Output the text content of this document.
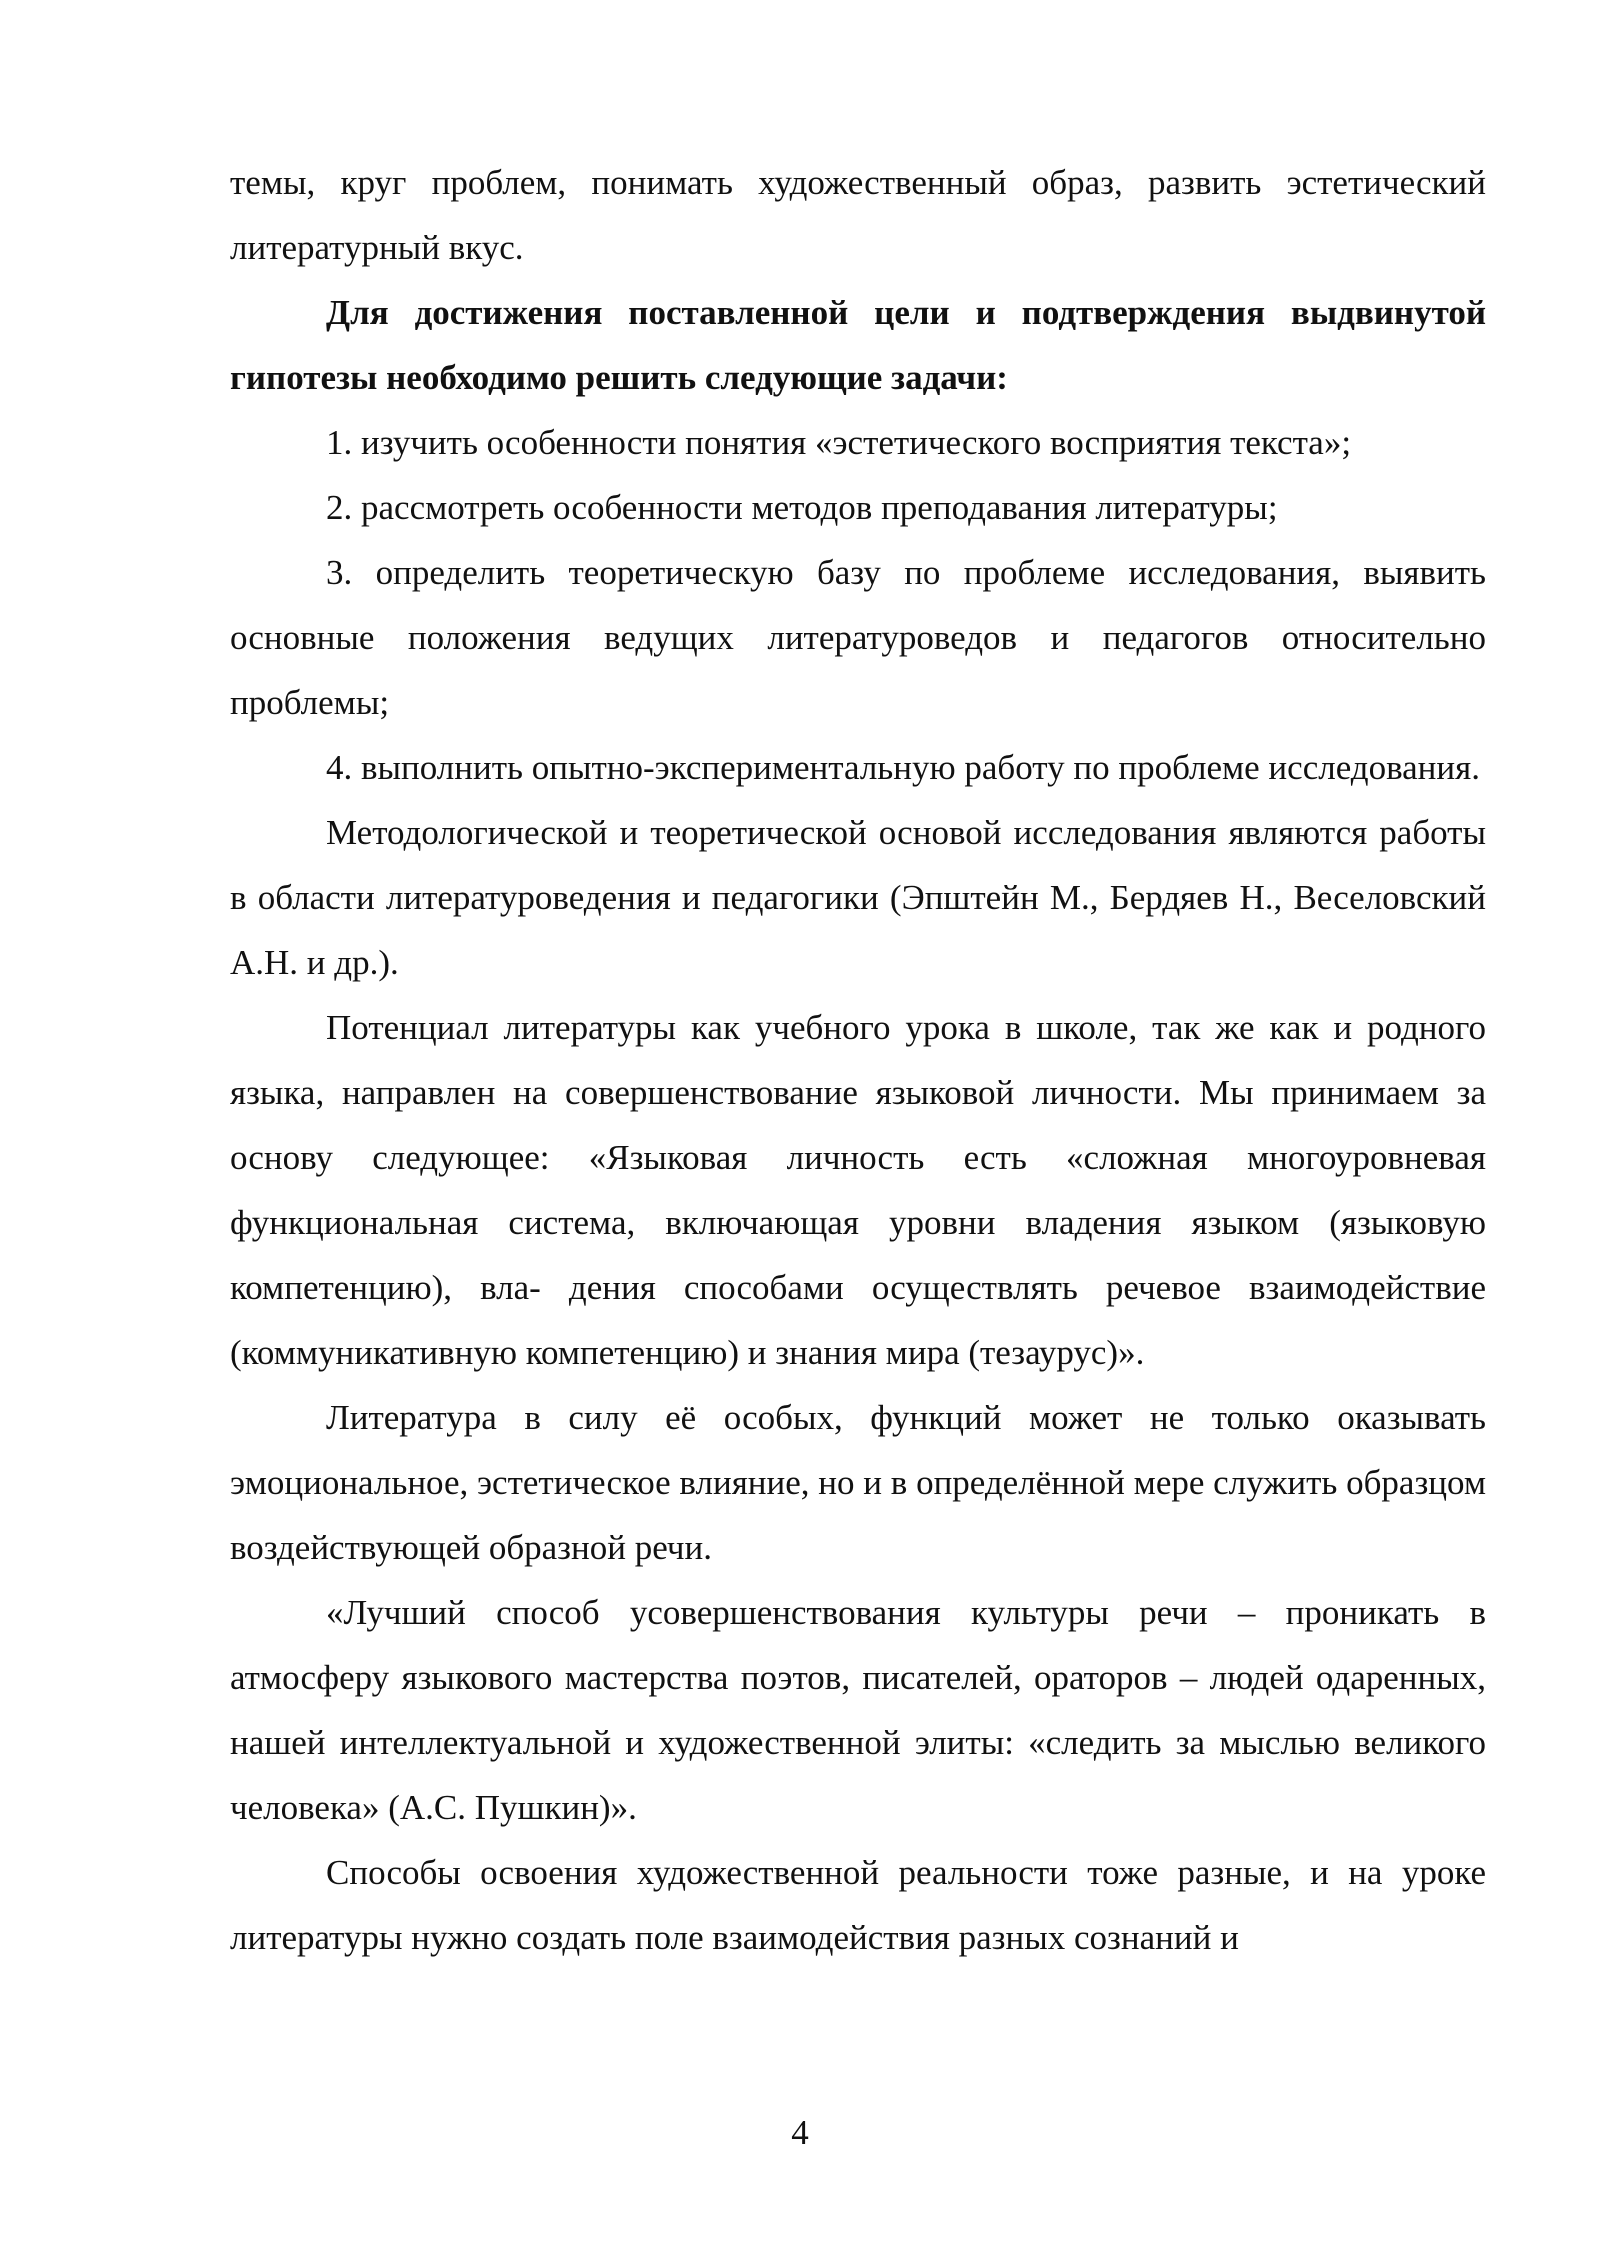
темы, круг проблем, понимать художественный образ, развить эстетический литературный вкус.

Для достижения поставленной цели и подтверждения выдвинутой гипотезы необходимо решить следующие задачи:

1. изучить особенности понятия «эстетического восприятия текста»;

2. рассмотреть особенности методов преподавания литературы;

3. определить теоретическую базу по проблеме исследования, выявить основные положения ведущих литературоведов и педагогов относительно проблемы;

4. выполнить опытно-экспериментальную работу по проблеме исследования.

Методологической и теоретической основой исследования являются работы в области литературоведения и педагогики (Эпштейн М., Бердяев Н., Веселовский А.Н. и др.).

Потенциал литературы как учебного урока в школе, так же как и родного языка, направлен на совершенствование языковой личности. Мы принимаем за основу следующее: «Языковая личность есть «сложная многоуровневая функциональная система, включающая уровни владения языком (языковую компетенцию), вла- дения способами осуществлять речевое взаимодействие (коммуникативную компетенцию) и знания мира (тезаурус)».

Литература в силу её особых, функций может не только оказывать эмоциональное, эстетическое влияние, но и в определённой мере служить образцом воздействующей образной речи.

«Лучший способ усовершенствования культуры речи – проникать в атмосферу языкового мастерства поэтов, писателей, ораторов – людей одаренных, нашей интеллектуальной и художественной элиты: «следить за мыслью великого человека» (А.С. Пушкин)».

Способы освоения художественной реальности тоже разные, и на уроке литературы нужно создать поле взаимодействия разных сознаний и

4
